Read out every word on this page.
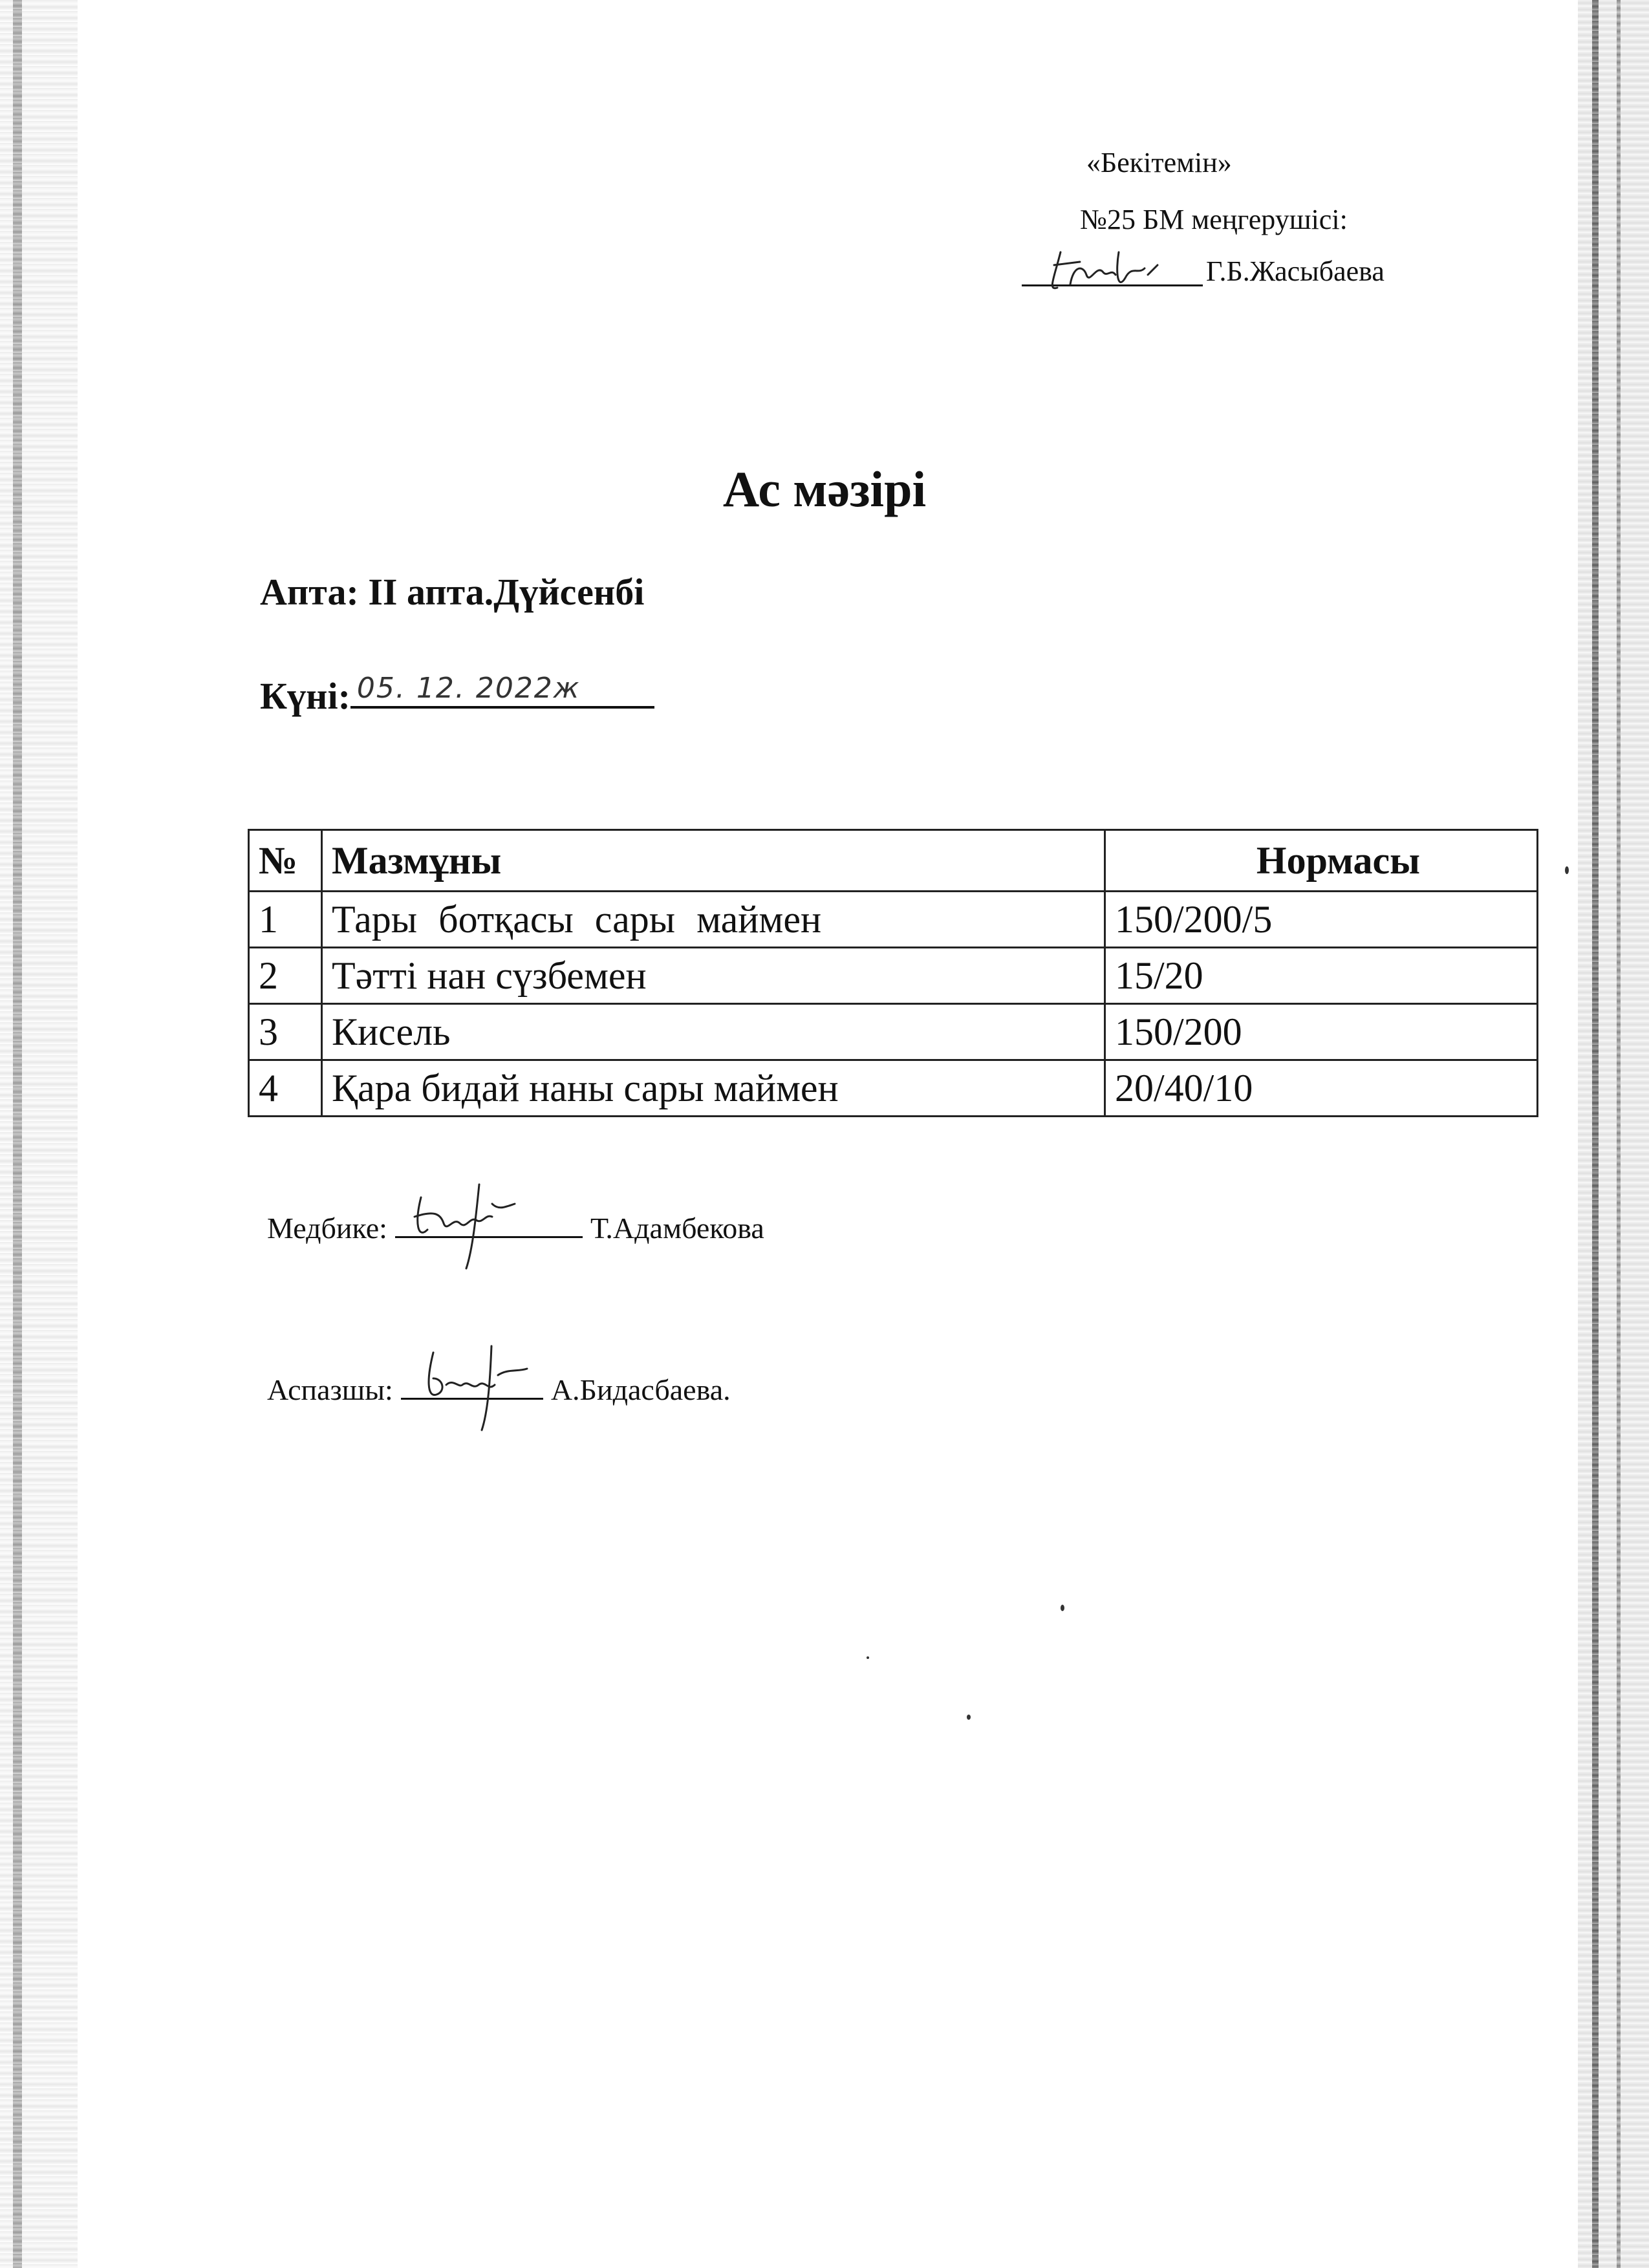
«Бекітемін»
№25 БМ меңгерушісі:
Г.Б.Жасыбаева
Ас мәзірі
Апта: ІІ апта.Дүйсенбі
Күні: 05. 12. 2022ж
№	Мазмұны	Нормасы
1	Тары ботқасы сары маймен	150/200/5
2	Тәтті нан сүзбемен	15/20
3	Кисель	150/200
4	Қара бидай наны сары маймен	20/40/10
Медбике:	Т.Адамбекова
Аспазшы:	А.Бидасбаева.
